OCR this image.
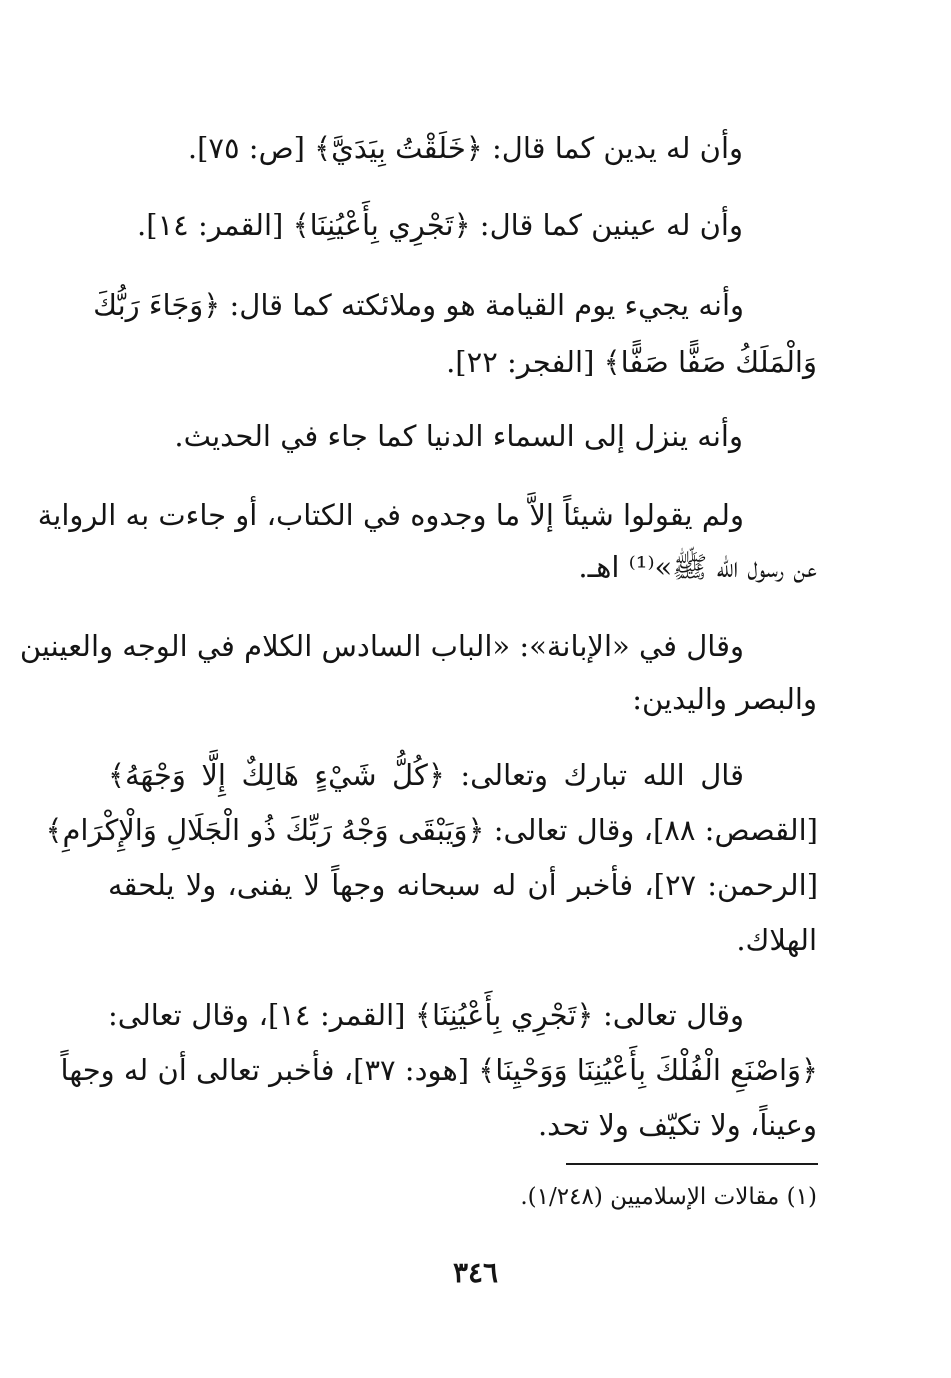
وأن له يدين كما قال: ﴿خَلَقْتُ بِيَدَيَّ﴾ [ص: ٧٥].
وأن له عينين كما قال: ﴿تَجْرِي بِأَعْيُنِنَا﴾ [القمر: ١٤].
وأنه يجيء يوم القيامة هو وملائكته كما قال: ﴿وَجَاءَ رَبُّكَ
وَالْمَلَكُ صَفًّا صَفًّا﴾ [الفجر: ٢٢].
وأنه ينزل إلى السماء الدنيا كما جاء في الحديث.
ولم يقولوا شيئاً إلاَّ ما وجدوه في الكتاب، أو جاءت به الرواية
عن رسول الله ﷺ»⁽¹⁾ اهـ.
وقال في «الإبانة»: «الباب السادس الكلام في الوجه والعينين
والبصر واليدين:
قال الله تبارك وتعالى: ﴿كُلُّ شَيْءٍ هَالِكٌ إِلَّا وَجْهَهُ﴾
[القصص: ٨٨]، وقال تعالى: ﴿وَيَبْقَى وَجْهُ رَبِّكَ ذُو الْجَلَالِ وَالْإِكْرَامِ﴾
[الرحمن: ٢٧]، فأخبر أن له سبحانه وجهاً لا يفنى، ولا يلحقه
الهلاك.
وقال تعالى: ﴿تَجْرِي بِأَعْيُنِنَا﴾ [القمر: ١٤]، وقال تعالى:
﴿وَاصْنَعِ الْفُلْكَ بِأَعْيُنِنَا وَوَحْيِنَا﴾ [هود: ٣٧]، فأخبر تعالى أن له وجهاً
وعيناً، ولا تكيّف ولا تحد.
(١) مقالات الإسلاميين (١/٢٤٨).
٣٤٦
